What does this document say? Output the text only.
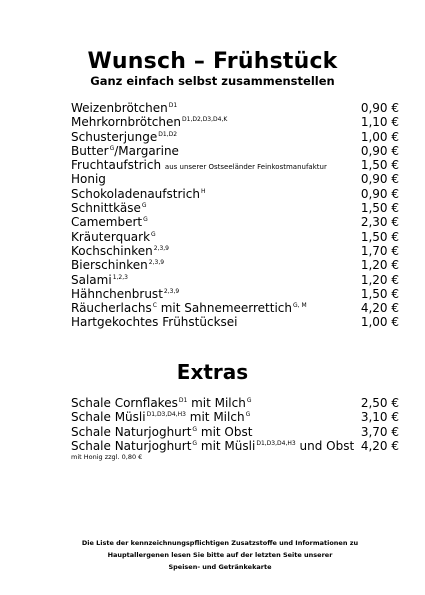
Wunsch – Frühstück
Ganz einfach selbst zusammenstellen
Weizenbrötchen$^{D1}$	0,90 €
Mehrkornbrötchen$^{D1,D2,D3,D4,K}$	1,10 €
Schusterjunge$^{D1,D2}$	1,00 €
Butter$^G$/Margarine	0,90 €
Fruchtaufstrich aus unserer Ostseeländer Feinkostmanufaktur	1,50 €
Honig	0,90 €
Schokoladenaufstrich$^H$	0,90 €
Schnittkäse$^G$	1,50 €
Camembert$^G$	2,30 €
Kräuterquark$^G$	1,50 €
Kochschinken$^{2,3,9}$	1,70 €
Bierschinken$^{2,3,9}$	1,20 €
Salami$^{1,2,3}$	1,20 €
Hähnchenbrust$^{2,3,9}$	1,50 €
Räucherlachs$^C$ mit Sahnemeerrettich$^{G, M}$	4,20 €
Hartgekochtes Frühstücksei	1,00 €
Extras
Schale Cornflakes$^{D1}$ mit Milch$^G$	2,50 €
Schale Müsli$^{D1,D3,D4,H3}$ mit Milch$^G$	3,10 €
Schale Naturjoghurt$^G$ mit Obst	3,70 €
Schale Naturjoghurt$^G$ mit Müsli$^{D1,D3,D4,H3}$ und Obst 4,20 €
mit Honig zzgl. 0,80 €
Die Liste der kennzeichnungspflichtigen Zusatzstoffe und Informationen zu
Hauptallergenen lesen Sie bitte auf der letzten Seite unserer
Speisen- und Getränkekarte
